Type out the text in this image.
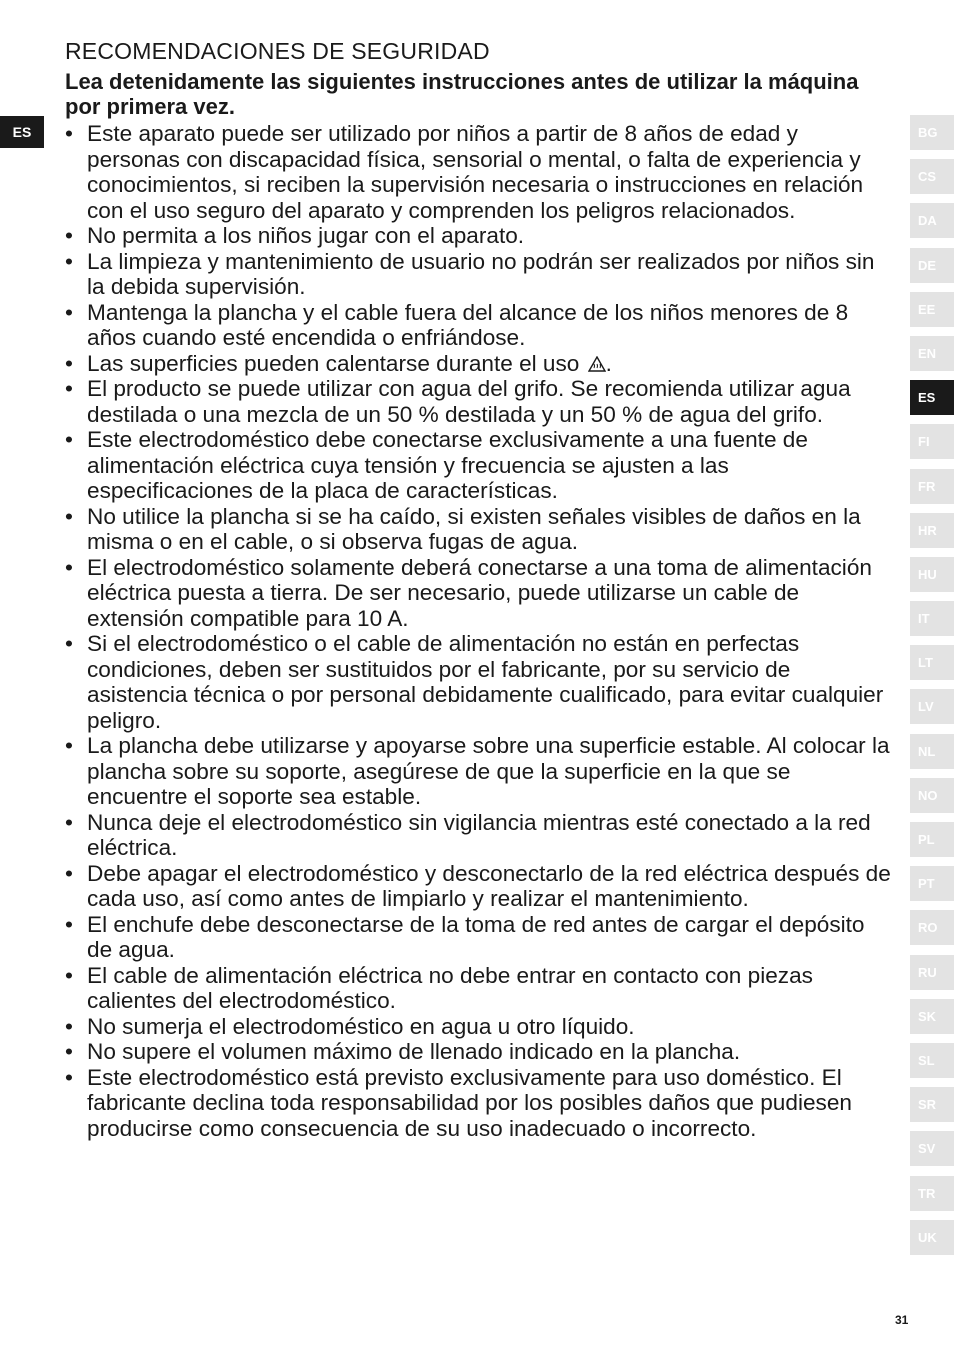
ES
RECOMENDACIONES DE SEGURIDAD

Lea detenidamente las siguientes instrucciones antes de utilizar la máquina por primera vez.

• Este aparato puede ser utilizado por niños a partir de 8 años de edad y personas con discapacidad física, sensorial o mental, o falta de experiencia y conocimientos, si reciben la supervisión necesaria o instrucciones en relación con el uso seguro del aparato y comprenden los peligros relacionados.
• No permita a los niños jugar con el aparato.
• La limpieza y mantenimiento de usuario no podrán ser realizados por niños sin la debida supervisión.
• Mantenga la plancha y el cable fuera del alcance de los niños menores de 8 años cuando esté encendida o enfriándose.
• Las superficies pueden calentarse durante el uso .
• El producto se puede utilizar con agua del grifo. Se recomienda utilizar agua destilada o una mezcla de un 50 % destilada y un 50 % de agua del grifo.
• Este electrodoméstico debe conectarse exclusivamente a una fuente de alimentación eléctrica cuya tensión y frecuencia se ajusten a las especificaciones de la placa de características.
• No utilice la plancha si se ha caído, si existen señales visibles de daños en la misma o en el cable, o si observa fugas de agua.
• El electrodoméstico solamente deberá conectarse a una toma de alimentación eléctrica puesta a tierra. De ser necesario, puede utilizarse un cable de extensión compatible para 10 A.
• Si el electrodoméstico o el cable de alimentación no están en perfectas condiciones, deben ser sustituidos por el fabricante, por su servicio de asistencia técnica o por personal debidamente cualificado, para evitar cualquier peligro.
• La plancha debe utilizarse y apoyarse sobre una superficie estable. Al colocar la plancha sobre su soporte, asegúrese de que la superficie en la que se encuentre el soporte sea estable.
• Nunca deje el electrodoméstico sin vigilancia mientras esté conectado a la red eléctrica.
• Debe apagar el electrodoméstico y desconectarlo de la red eléctrica después de cada uso, así como antes de limpiarlo y realizar el mantenimiento.
• El enchufe debe desconectarse de la toma de red antes de cargar el depósito de agua.
• El cable de alimentación eléctrica no debe entrar en contacto con piezas calientes del electrodoméstico.
• No sumerja el electrodoméstico en agua u otro líquido.
• No supere el volumen máximo de llenado indicado en la plancha.
• Este electrodoméstico está previsto exclusivamente para uso doméstico. El fabricante declina toda responsabilidad por los posibles daños que pudiesen producirse como consecuencia de su uso inadecuado o incorrecto.
BG
CS
DA
DE
EE
EN
ES
FI
FR
HR
HU
IT
LT
LV
NL
NO
PL
PT
RO
RU
SK
SL
SR
SV
TR
UK
31
